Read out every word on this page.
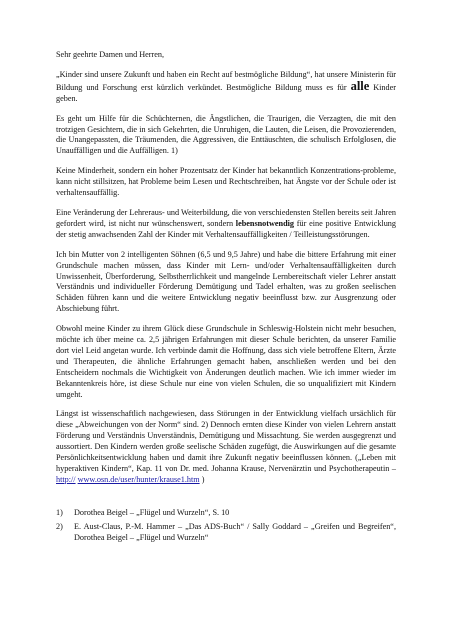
Sehr geehrte Damen und Herren,

„Kinder sind unsere Zukunft und haben ein Recht auf bestmögliche Bildung“, hat unsere Ministerin für Bildung und Forschung erst kürzlich verkündet. Bestmögliche Bildung muss es für alle Kinder geben.

Es geht um Hilfe für die Schüchternen, die Ängstlichen, die Traurigen, die Verzagten, die mit den trotzigen Gesichtern, die in sich Gekehrten, die Unruhigen, die Lauten, die Leisen, die Provozierenden, die Unangepassten, die Träumenden, die Aggressiven, die Enttäuschten, die schulisch Erfolglosen, die Unauffälligen und die Auffälligen. 1)

Keine Minderheit, sondern ein hoher Prozentsatz der Kinder hat bekanntlich Konzentrations-probleme, kann nicht stillsitzen, hat Probleme beim Lesen und Rechtschreiben, hat Ängste vor der Schule oder ist verhaltensauffällig.

Eine Veränderung der Lehreraus- und Weiterbildung, die von verschiedensten Stellen bereits seit Jahren gefordert wird, ist nicht nur wünschenswert, sondern lebensnotwendig für eine positive Entwicklung der stetig anwachsenden Zahl der Kinder mit Verhaltensauffälligkeiten / Teilleistungsstörungen.

Ich bin Mutter von 2 intelligenten Söhnen (6,5 und 9,5 Jahre) und habe die bittere Erfahrung mit einer Grundschule machen müssen, dass Kinder mit Lern- und/oder Verhaltensauffälligkeiten durch Unwissenheit, Überforderung, Selbstherrlichkeit und mangelnde Lernbereitschaft vieler Lehrer anstatt Verständnis und individueller Förderung Demütigung und Tadel erhalten, was zu großen seelischen Schäden führen kann und die weitere Entwicklung negativ beeinflusst bzw. zur Ausgrenzung oder Abschiebung führt.

Obwohl meine Kinder zu ihrem Glück diese Grundschule in Schleswig-Holstein nicht mehr besuchen, möchte ich über meine ca. 2,5 jährigen Erfahrungen mit dieser Schule berichten, da unserer Familie dort viel Leid angetan wurde. Ich verbinde damit die Hoffnung, dass sich viele betroffene Eltern, Ärzte und Therapeuten, die ähnliche Erfahrungen gemacht haben, anschließen werden und bei den Entscheidern nochmals die Wichtigkeit von Änderungen deutlich machen. Wie ich immer wieder im Bekanntenkreis höre, ist diese Schule nur eine von vielen Schulen, die so unqualifiziert mit Kindern umgeht.

Längst ist wissenschaftlich nachgewiesen, dass Störungen in der Entwicklung vielfach ursächlich für diese „Abweichungen von der Norm“ sind. 2) Dennoch ernten diese Kinder von vielen Lehrern anstatt Förderung und Verständnis Unverständnis, Demütigung und Missachtung. Sie werden ausgegrenzt und aussortiert. Den Kindern werden große seelische Schäden zugefügt, die Auswirkungen auf die gesamte Persönlichkeitsentwicklung haben und damit ihre Zukunft negativ beeinflussen können. („Leben mit hyperaktiven Kindern“, Kap. 11 von Dr. med. Johanna Krause, Nervenärztin und Psychotherapeutin – http:// www.osn.de/user/hunter/krause1.htm )

1)	Dorothea Beigel – „Flügel und Wurzeln“, S. 10
2)	E. Aust-Claus, P.-M. Hammer – „Das ADS-Buch“ / Sally Goddard – „Greifen und Begreifen“, Dorothea Beigel – „Flügel und Wurzeln“
